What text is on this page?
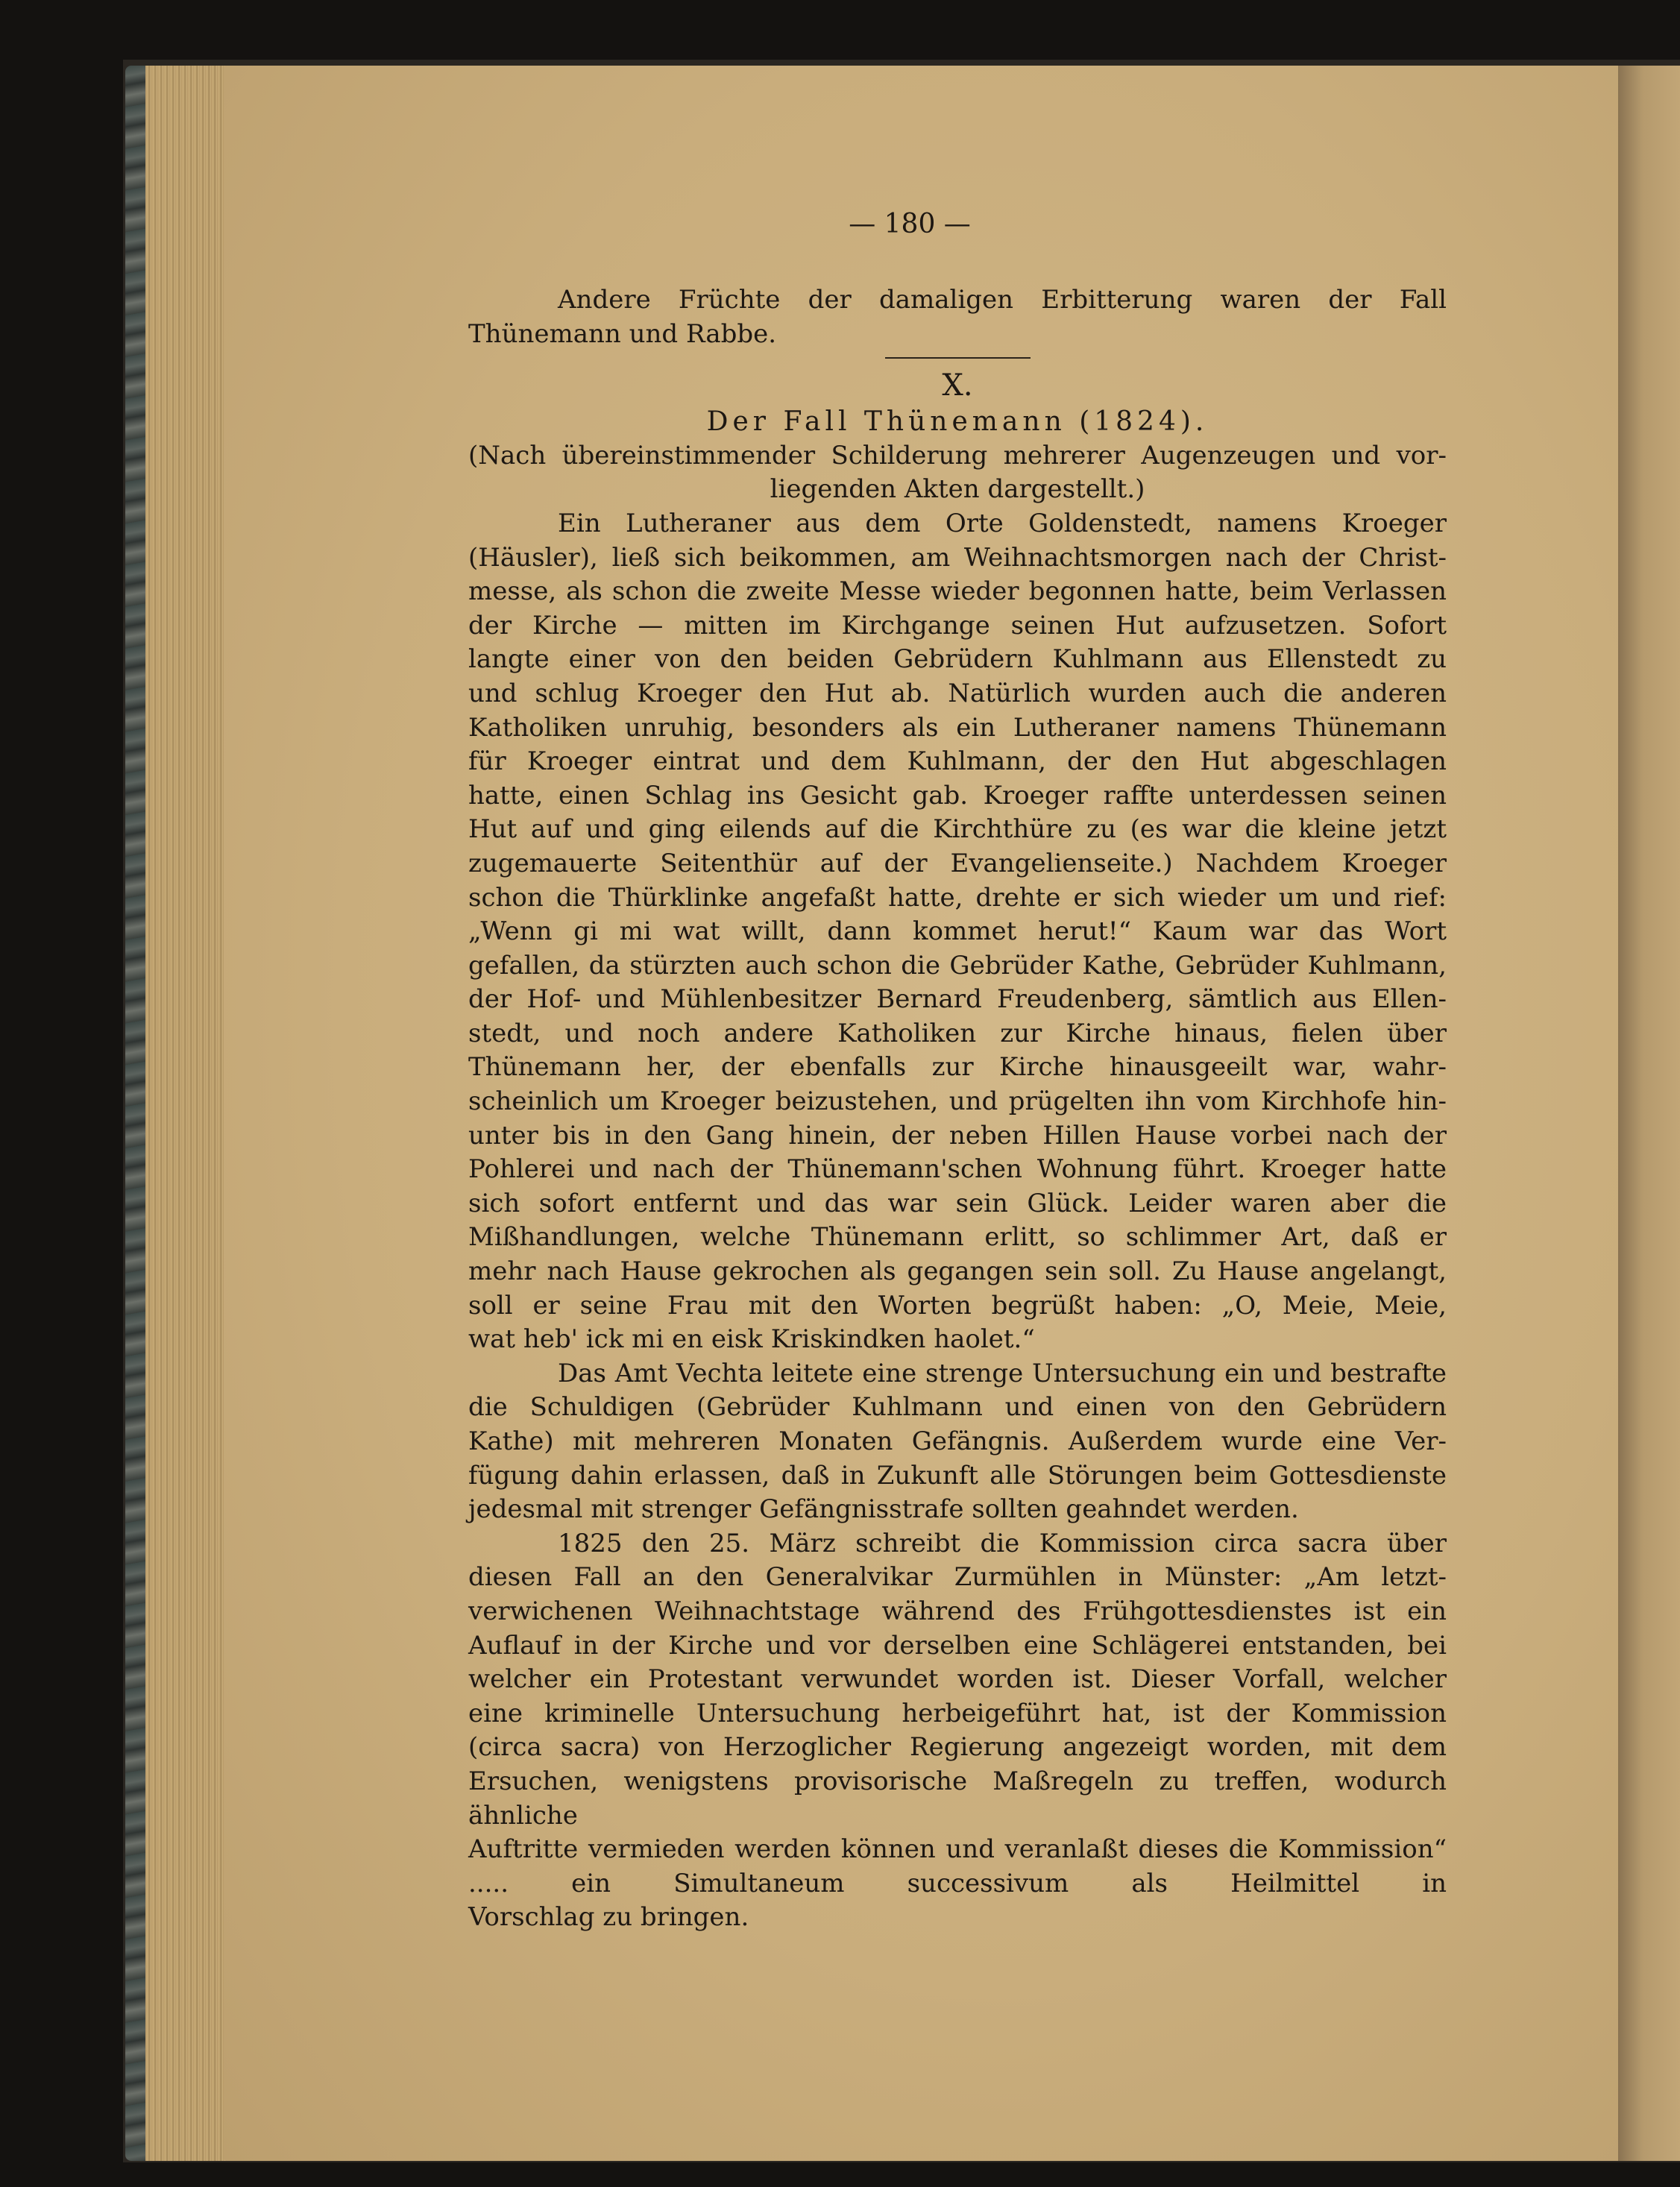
— 180 —

Andere Früchte der damaligen Erbitterung waren der Fall

Thünemann und Rabbe.

X.

Der Fall Thünemann (1824).

(Nach übereinstimmender Schilderung mehrerer Augenzeugen und vor-

liegenden Akten dargestellt.)

Ein Lutheraner aus dem Orte Goldenstedt, namens Kroeger

(Häusler), ließ sich beikommen, am Weihnachtsmorgen nach der Christ-

messe, als schon die zweite Messe wieder begonnen hatte, beim Verlassen

der Kirche — mitten im Kirchgange seinen Hut aufzusetzen. Sofort

langte einer von den beiden Gebrüdern Kuhlmann aus Ellenstedt zu

und schlug Kroeger den Hut ab. Natürlich wurden auch die anderen

Katholiken unruhig, besonders als ein Lutheraner namens Thünemann

für Kroeger eintrat und dem Kuhlmann, der den Hut abgeschlagen

hatte, einen Schlag ins Gesicht gab. Kroeger raffte unterdessen seinen

Hut auf und ging eilends auf die Kirchthüre zu (es war die kleine jetzt

zugemauerte Seitenthür auf der Evangelienseite.) Nachdem Kroeger

schon die Thürklinke angefaßt hatte, drehte er sich wieder um und rief:

„Wenn gi mi wat willt, dann kommet herut!“ Kaum war das Wort

gefallen, da stürzten auch schon die Gebrüder Kathe, Gebrüder Kuhlmann,

der Hof- und Mühlenbesitzer Bernard Freudenberg, sämtlich aus Ellen-

stedt, und noch andere Katholiken zur Kirche hinaus, fielen über

Thünemann her, der ebenfalls zur Kirche hinausgeeilt war, wahr-

scheinlich um Kroeger beizustehen, und prügelten ihn vom Kirchhofe hin-

unter bis in den Gang hinein, der neben Hillen Hause vorbei nach der

Pohlerei und nach der Thünemann'schen Wohnung führt. Kroeger hatte

sich sofort entfernt und das war sein Glück. Leider waren aber die

Mißhandlungen, welche Thünemann erlitt, so schlimmer Art, daß er

mehr nach Hause gekrochen als gegangen sein soll. Zu Hause angelangt,

soll er seine Frau mit den Worten begrüßt haben: „O, Meie, Meie,

wat heb' ick mi en eisk Kriskindken haolet.“

Das Amt Vechta leitete eine strenge Untersuchung ein und bestrafte

die Schuldigen (Gebrüder Kuhlmann und einen von den Gebrüdern

Kathe) mit mehreren Monaten Gefängnis. Außerdem wurde eine Ver-

fügung dahin erlassen, daß in Zukunft alle Störungen beim Gottesdienste

jedesmal mit strenger Gefängnisstrafe sollten geahndet werden.

1825 den 25. März schreibt die Kommission circa sacra über

diesen Fall an den Generalvikar Zurmühlen in Münster: „Am letzt-

verwichenen Weihnachtstage während des Frühgottesdienstes ist ein

Auflauf in der Kirche und vor derselben eine Schlägerei entstanden, bei

welcher ein Protestant verwundet worden ist. Dieser Vorfall, welcher

eine kriminelle Untersuchung herbeigeführt hat, ist der Kommission

(circa sacra) von Herzoglicher Regierung angezeigt worden, mit dem

Ersuchen, wenigstens provisorische Maßregeln zu treffen, wodurch ähnliche

Auftritte vermieden werden können und veranlaßt dieses die Kommission“

..... ein Simultaneum successivum als Heilmittel in

Vorschlag zu bringen.
